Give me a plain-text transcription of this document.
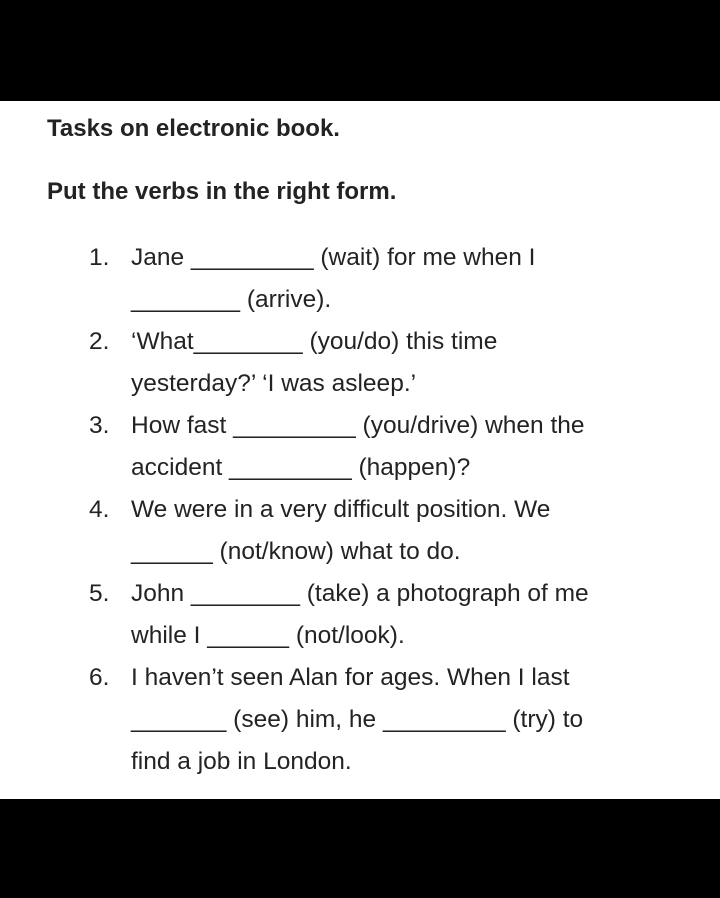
Tasks on electronic book.
Put the verbs in the right form.
1. Jane _________ (wait) for me when I
________ (arrive).
2. ‘What________ (you/do) this time
yesterday?’ ‘I was asleep.’
3. How fast _________ (you/drive) when the
accident _________ (happen)?
4. We were in a very difficult position. We
______ (not/know) what to do.
5. John ________ (take) a photograph of me
while I ______ (not/look).
6. I haven’t seen Alan for ages. When I last
_______ (see) him, he _________ (try) to
find a job in London.
